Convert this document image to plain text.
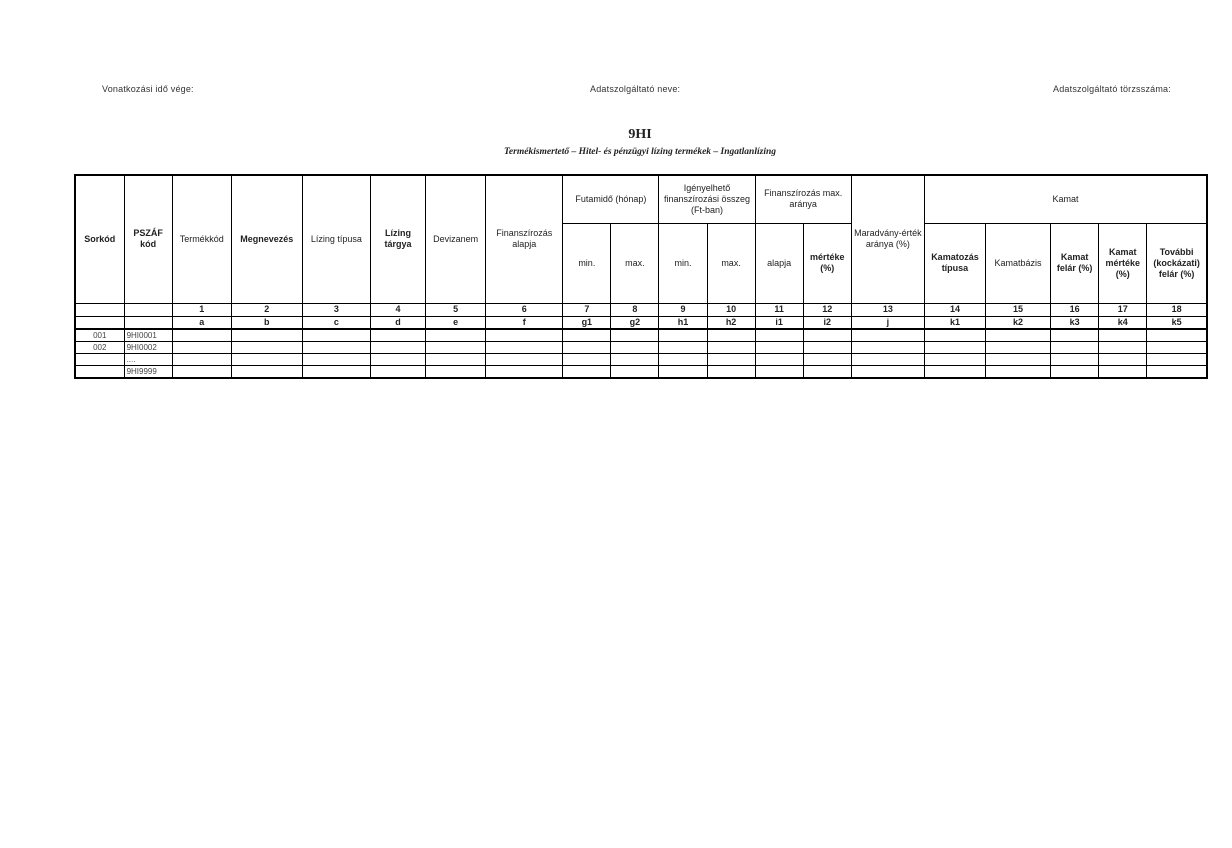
Vonatkozási idő vége:	Adatszolgáltató neve:	Adatszolgáltató törzsszáma:
9HI
Termékismertető – Hitel- és pénzügyi lízing termékek – Ingatlanlízing
Sorkód	PSZÁF kód	Termékkód	Megnevezés	Lízing típusa	Lízing tárgya	Devizanem	Finanszírozás alapja	Futamidő (hónap)		Igényelhető finanszírozási összeg (Ft-ban)		Finanszírozás max. aránya		Maradvány-érték aránya (%)	Kamat				
								min.	max.	min.	max.	alapja	mértéke (%)		Kamatozás típusa	Kamatbázis	Kamat felár (%)	Kamat mértéke (%)	További (kockázati) felár (%)
		1	2	3	4	5	6	7	8	9	10	11	12	13	14	15	16	17	18
		a	b	c	d	e	f	g1	g2	h1	h2	i1	i2	j	k1	k2	k3	k4	k5
001	9HI0001																		
002	9HI0002																		
	....																		
	9HI9999																		
